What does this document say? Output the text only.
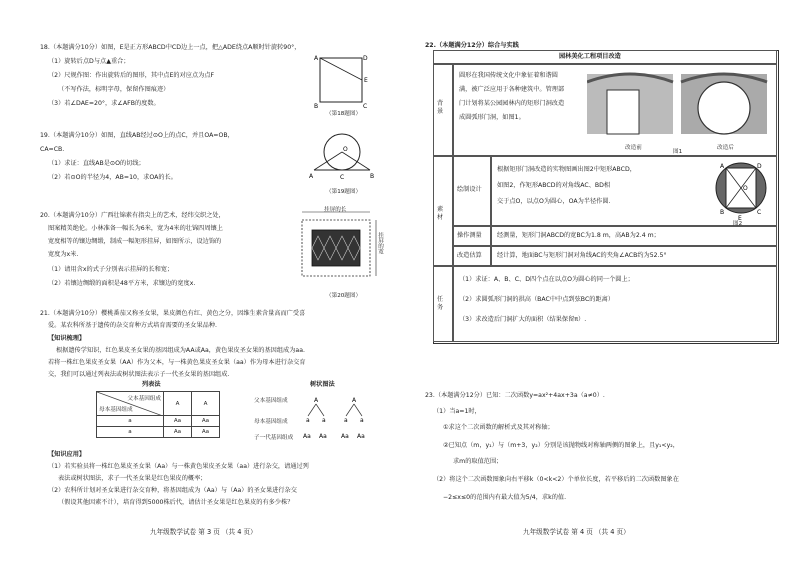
18.（本题满分10分）如图，E是正方形ABCD中CD边上一点，把△ADE绕点A顺时针旋转90°，
（1）旋转后点D与点▲重合；
（2）尺规作图：作出旋转后的图形，其中点E的对应点为点F
（不写作法，标明字母，保留作图痕迹）
（3）若∠DAE=20°，求∠AFB的度数。
A	D
E
B	C
（第18题图）
19.（本题满分10分）如图，直线AB经过⊙O上的点C，并且OA=OB，
CA=CB.
（1）求证：直线AB是⊙O的切线；
（2）若⊙O的半径为4，AB=10，求OA的长。
O
A	C	B
（第19题图）
20.（本题满分10分）广西壮锦素有指尖上的艺术，经纬交织之处，
图案精美绝伦。小林准备一幅长为6米，宽为4米的壮锦四周镶上
宽度相等的镶边绸缎，制成一幅矩形挂屏，如图所示，设边饰的
宽度为x米.
（1）请用含x的式子分别表示挂屏的长和宽；
（2）若镶边绸缎的面积是48平方米，求镶边的宽度x.
挂屏的长
挂屏的宽
（第20题图）
21.（本题满分10分）樱桃番茄又称圣女果，果皮颜色有红、黄色之分，因维生素含量高而广受喜
爱。某农科所基于遗传的杂交育种方式培育需要的圣女果品种.
【知识梳理】
根据遗传学知识，红色果皮圣女果的基因组成为AA或Aa，黄色果皮圣女果的基因组成为aa.
若将一株红色果皮圣女果（AA）作为父本，与一株黄色果皮圣女果（aa）作为母本进行杂交育
交，我们可以通过列表法或树状图法表示子一代圣女果的基因组成.
列表法	树状图法
父本基因组成
母本基因组成	A	A
a	Aa	Aa
a	Aa	Aa
父本基因组成
母本基因组成
子一代基因组成
A	A
a a	a a
Aa Aa Aa Aa
【知识应用】
（1）若实验员将一株红色果皮圣女果（Aa）与一株黄色果皮圣女果（aa）进行杂交，请通过列
表法或树状图法，求子一代圣女果是红色果皮的概率；
（2）农科所计划对圣女果进行杂交育种，将基因组成为（Aa）与（Aa）的圣女果进行杂交
（假设其他因素不计），培育得到5000株后代，请估计圣女果是红色果皮的有多少株？
九年级数学试卷 第 3 页 （共 4 页）
22.（本题满分12分）综合与实践
园林美化工程项目改造
背景
圆形在我国传统文化中象征着和谐圆
满，被广泛应用于各种建筑中。管理部
门计划将某公园园林内的矩形门洞改造
成圆弧形门洞，如图1。
改造前	改造后
图1
素材
绘制设计
根据矩形门洞改造的实物图画出图2中矩形ABCD，
如图2，作矩形ABCD的对角线AC、BD相
交于点O，以点O为圆心，OA为半径作圆.
A	D
O
B	C
E
图2
操作测量 经测量，矩形门洞ABCD的宽BC为1.8 m，高AB为2.4 m；
改造估算 经计算，地面BC与矩形门洞对角线AC的夹角∠ACB约为52.5°
任务
（1）求证：A、B、C、D四个点在以点O为圆心的同一个圆上；
（2）求圆弧形门洞的拱高（BAC中中点到弦BC的距离）
（3）求改造后门洞扩大的面积（结果保留π）.
23.（本题满分12分）已知：二次函数y=ax²+4ax+3a（a≠0）.
（1）当a=1时，
①求这个二次函数的解析式及其对称轴；
②已知点（m，y₁）与（m+3，y₂）分别是该抛物线对称轴两侧的图象上，且y₁<y₂，
求m的取值范围；
（2）将这个二次函数图象向右平移k（0<k<2）个单位长度，若平移后的二次函数图象在
−2≤x≤0的范围内有最大值为5/4，求k的值.
九年级数学试卷 第 4 页 （共 4 页）
